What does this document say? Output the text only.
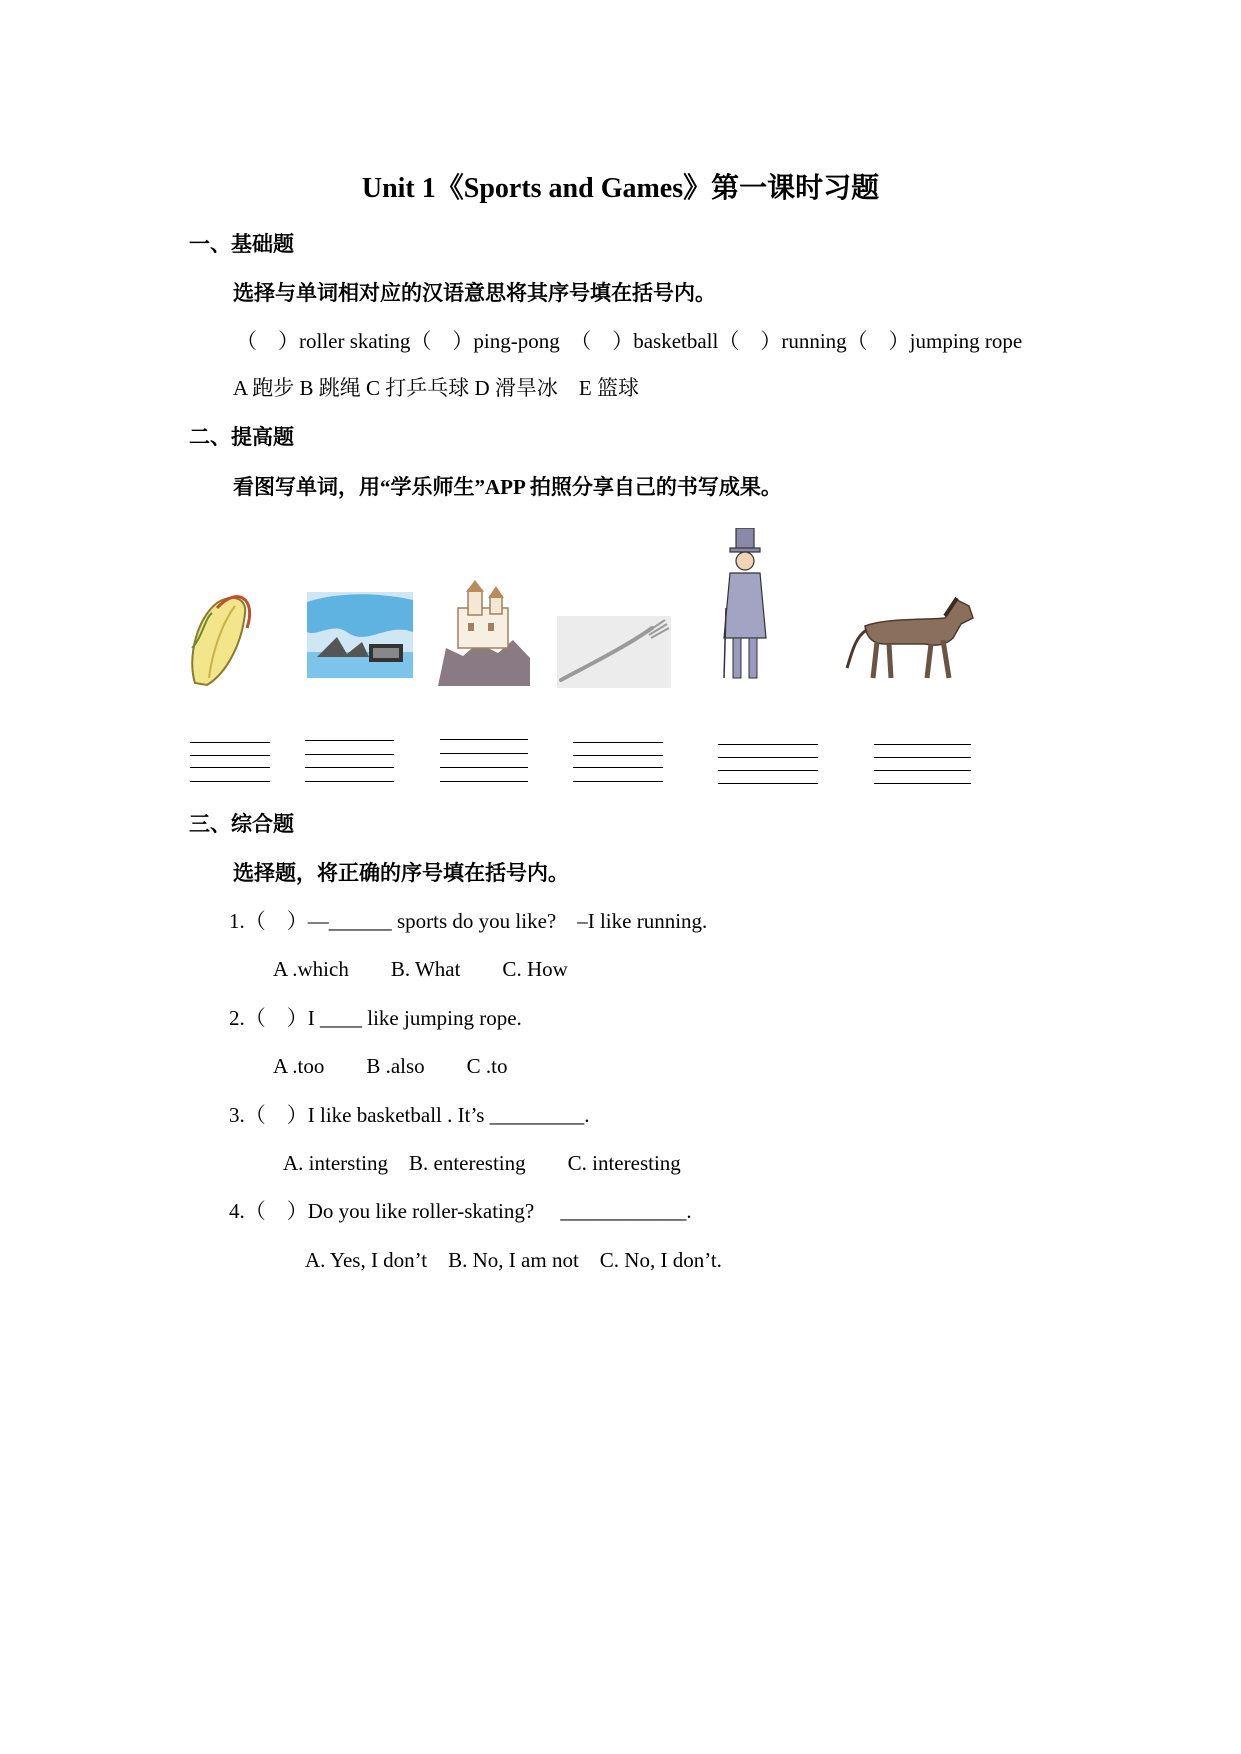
Unit 1《Sports and Games》第一课时习题
一、基础题
选择与单词相对应的汉语意思将其序号填在括号内。
（　）roller skating（　）ping-pong　（　）basketball（　）running（　）jumping rope
A 跑步 B 跳绳 C 打乒乓球 D 滑旱冰　E 篮球
二、提高题
看图写单词，用“学乐师生”APP 拍照分享自己的书写成果。
三、综合题
选择题，将正确的序号填在括号内。
1.（　）—______ sports do you like?　–I like running.
A .which　　B. What　　C. How
2.（　）I ____ like jumping rope.
A .too　　B .also　　C .to
3.（　）I like basketball . It’s _________.
A. intersting　B. enteresting　　C. interesting
4.（　）Do you like roller-skating?　 ____________.
A. Yes, I don’t　B. No, I am not　C. No, I don’t.
